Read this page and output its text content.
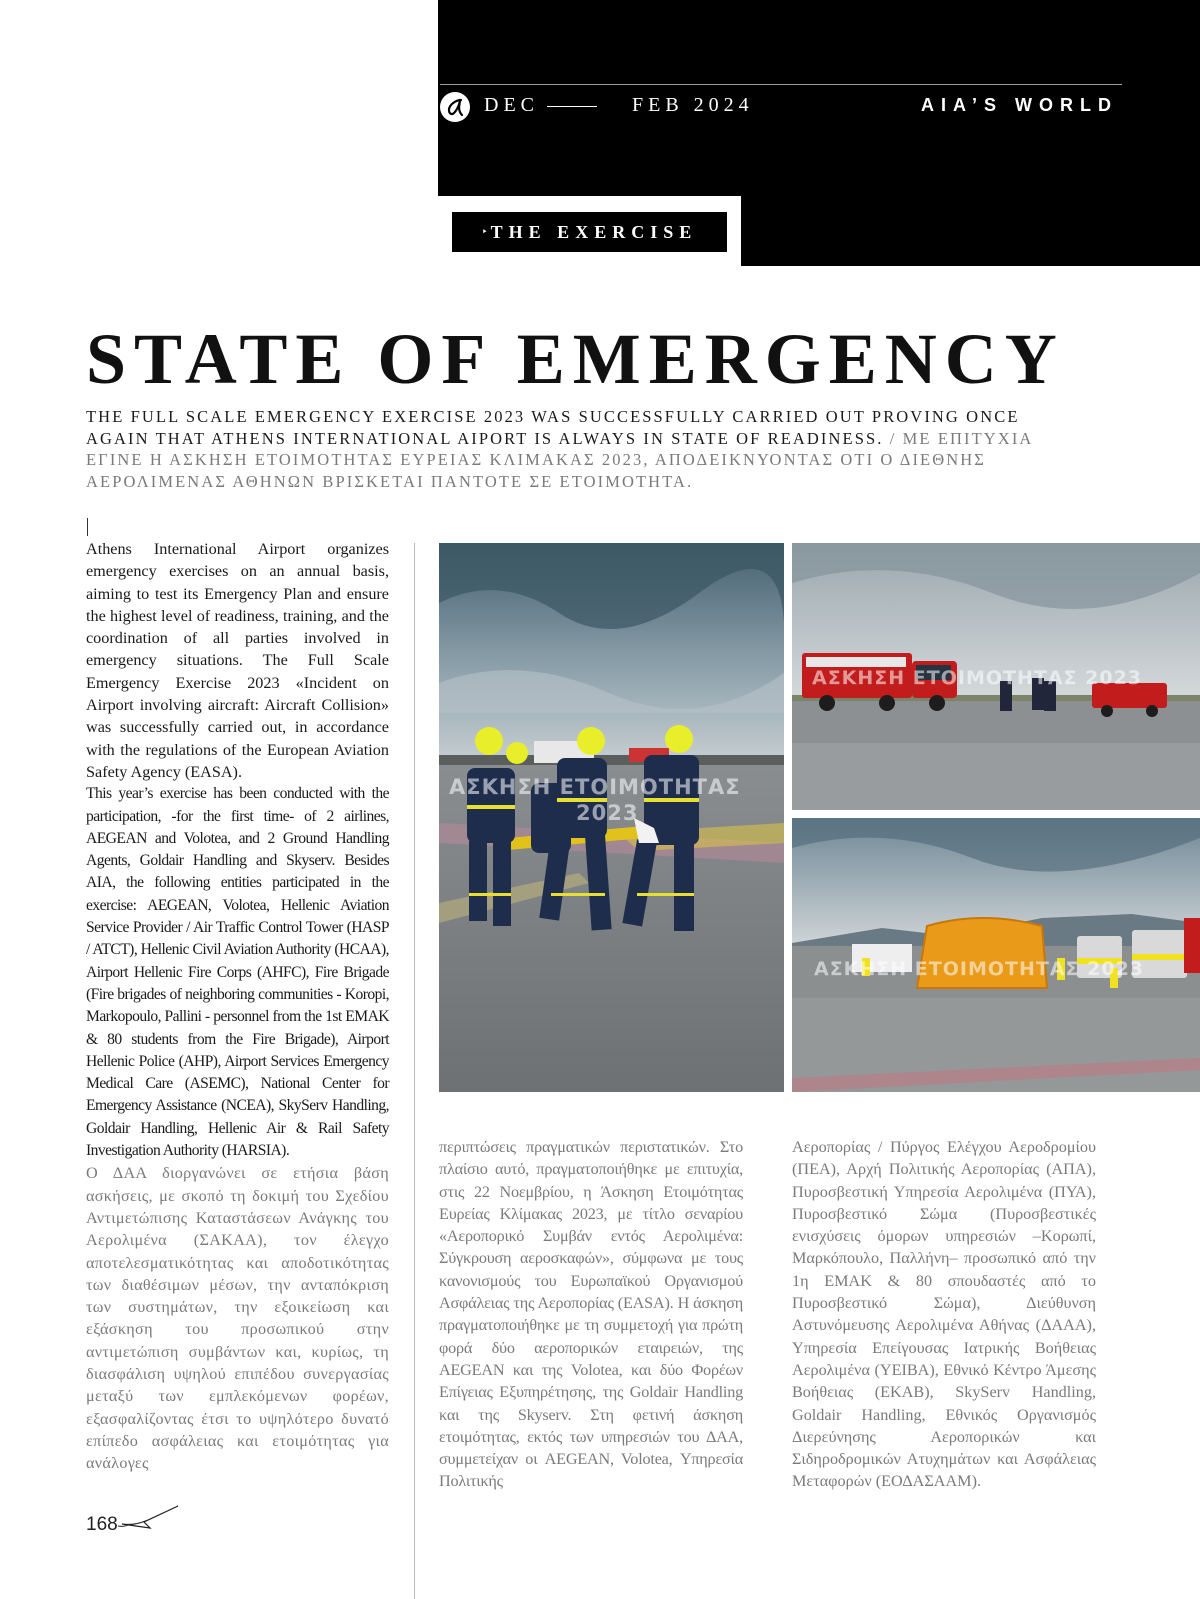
DEC	FEB 2024	AIA’S WORLD
‣ THE EXERCISE
STATE OF EMERGENCY
THE FULL SCALE EMERGENCY EXERCISE 2023 WAS SUCCESSFULLY CARRIED OUT PROVING ONCE AGAIN THAT ATHENS INTERNATIONAL AIPORT IS ALWAYS IN STATE OF READINESS. / ΜΕ ΕΠΙΤΥΧΙΑ ΕΓΙΝΕ Η ΑΣΚΗΣΗ ΕΤΟΙΜΟΤΗΤΑΣ ΕΥΡΕΙΑΣ ΚΛΙΜΑΚΑΣ 2023, ΑΠΟΔΕΙΚΝΥΟΝΤΑΣ ΟΤΙ Ο ΔΙΕΘΝΗΣ ΑΕΡΟΛΙΜΕΝΑΣ ΑΘΗΝΩΝ ΒΡΙΣΚΕΤΑΙ ΠΑΝΤΟΤΕ ΣΕ ΕΤΟΙΜΟΤΗΤΑ.
Athens International Airport organizes emergency exercises on an annual basis, aiming to test its Emergency Plan and ensure the highest level of readiness, training, and the coordination of all parties involved in emergency situations. The Full Scale Emergency Exercise 2023 «Incident on Airport involving aircraft: Aircraft Collision» was successfully carried out, in accordance with the regulations of the European Aviation Safety Agency (EASA).
This year’s exercise has been conducted with the participation, -for the first time- of 2 airlines, AEGEAN and Volotea, and 2 Ground Handling Agents, Goldair Handling and Skyserv. Besides AIA, the following entities participated in the exercise: AEGEAN, Volotea, Hellenic Aviation Service Provider / Air Traffic Control Tower (HASP / ATCT), Hellenic Civil Aviation Authority (HCAA), Airport Hellenic Fire Corps (AHFC), Fire Brigade (Fire brigades of neighboring communities - Koropi, Markopoulo, Pallini - personnel from the 1st EMAK & 80 students from the Fire Brigade), Airport Hellenic Police (AHP), Airport Services Emergency Medical Care (ASEMC), National Center for Emergency Assistance (NCEA), SkyServ Handling, Goldair Handling, Hellenic Air & Rail Safety Investigation Authority (HARSIA).
Ο ΔΑΑ διοργανώνει σε ετήσια βάση ασκήσεις, με σκοπό τη δοκιμή του Σχεδίου Αντιμετώπισης Καταστάσεων Ανάγκης του Αερολιμένα (ΣΑΚΑΑ), τον έλεγχο αποτελεσματικότητας και αποδοτικότητας των διαθέσιμων μέσων, την ανταπόκριση των συστημάτων, την εξοικείωση και εξάσκηση του προσωπικού στην αντιμετώπιση συμβάντων και, κυρίως, τη διασφάλιση υψηλού επιπέδου συνεργασίας μεταξύ των εμπλεκόμενων φορέων, εξασφαλίζοντας έτσι το υψηλότερο δυνατό επίπεδο ασφάλειας και ετοιμότητας για ανάλογες
ΑΣΚΗΣΗ ΕΤΟΙΜΟΤΗΤΑΣ
2023
ΑΣΚΗΣΗ ΕΤΟΙΜΟΤΗΤΑΣ 2023
ΑΣΚΗΣΗ ΕΤΟΙΜΟΤΗΤΑΣ 2023
περιπτώσεις πραγματικών περιστατικών. Στο πλαίσιο αυτό, πραγματοποιήθηκε με επιτυχία, στις 22 Νοεμβρίου, η Άσκηση Ετοιμότητας Ευρείας Κλίμακας 2023, με τίτλο σεναρίου «Αεροπορικό Συμβάν εντός Αερολιμένα: Σύγκρουση αεροσκαφών», σύμφωνα με τους κανονισμούς του Ευρωπαϊκού Οργανισμού Ασφάλειας της Αεροπορίας (EASA). Η άσκηση πραγματοποιήθηκε με τη συμμετοχή για πρώτη φορά δύο αεροπορικών εταιρειών, της AEGEAN και της Volotea, και δύο Φορέων Επίγειας Εξυπηρέτησης, της Goldair Handling και της Skyserv. Στη φετινή άσκηση ετοιμότητας, εκτός των υπηρεσιών του ΔΑΑ, συμμετείχαν οι AEGEAN, Volotea, Υπηρεσία Πολιτικής
Αεροπορίας / Πύργος Ελέγχου Αεροδρομίου (ΠΕΑ), Αρχή Πολιτικής Αεροπορίας (ΑΠΑ), Πυροσβεστική Υπηρεσία Αερολιμένα (ΠΥΑ), Πυροσβεστικό Σώμα (Πυροσβεστικές ενισχύσεις όμορων υπηρεσιών –Κορωπί, Μαρκόπουλο, Παλλήνη– προσωπικό από την 1η ΕΜΑΚ & 80 σπουδαστές από το Πυροσβεστικό Σώμα), Διεύθυνση Αστυνόμευσης Αερολιμένα Αθήνας (ΔΑΑΑ), Υπηρεσία Επείγουσας Ιατρικής Βοήθειας Αερολιμένα (ΥΕΙΒΑ), Εθνικό Κέντρο Άμεσης Βοήθειας (ΕΚΑΒ), SkyServ Handling, Goldair Handling, Εθνικός Οργανισμός Διερεύνησης Αεροπορικών και Σιδηροδρομικών Ατυχημάτων και Ασφάλειας Μεταφορών (ΕΟΔΑΣΑΑΜ).
168
